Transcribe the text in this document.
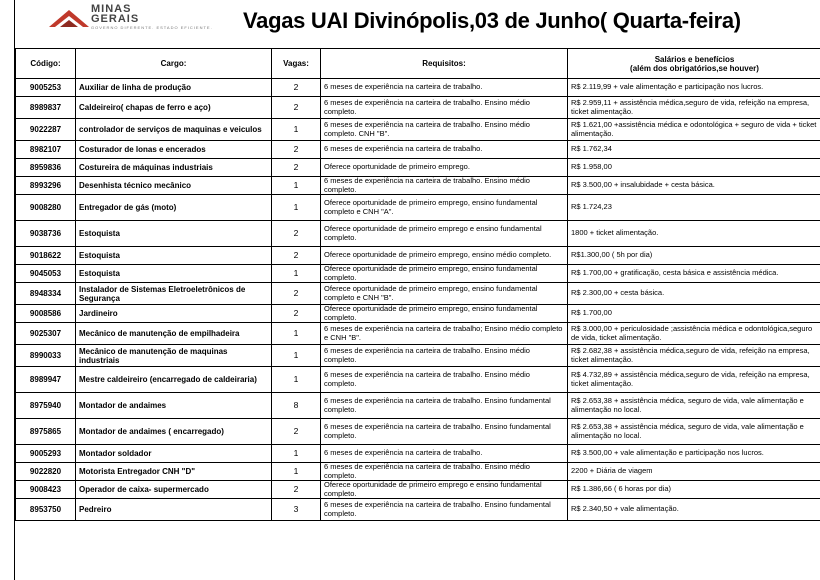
MINAS
GERAIS
GOVERNO DIFERENTE. ESTADO EFICIENTE. Vagas UAI Divinópolis,03 de Junho( Quarta-feira)
Código:	Cargo:	Vagas:	Requisitos:	Salários e benefícios
(além dos obrigatórios,se houver)

9005253	Auxiliar de linha de produção	2	6 meses de experiência na carteira de trabalho.	R$ 2.119,99 + vale alimentação e participação nos lucros.
8989837	Caldeireiro( chapas de ferro e aço)	2	6 meses de experiência na carteira de trabalho. Ensino médio completo.	R$ 2.959,11 + assistência médica,seguro de vida, refeição na empresa, ticket alimentação.
9022287	controlador de serviços de maquinas e veiculos	1	6 meses de experiência na carteira de trabalho. Ensino médio completo. CNH "B".	R$ 1.621,00 +assistência médica e odontológica + seguro de vida + ticket alimentação.
8982107	Costurador de lonas e encerados	2	6 meses de experiência na carteira de trabalho.	R$ 1.762,34
8959836	Costureira de máquinas industriais	2	Oferece oportunidade de primeiro emprego.	R$ 1.958,00
8993296	Desenhista técnico mecânico	1	6 meses de experiência na carteira de trabalho. Ensino médio completo.	R$ 3.500,00 + insalubidade + cesta básica.
9008280	Entregador de gás (moto)	1	Oferece oportunidade de primeiro emprego, ensino fundamental completo e CNH "A".	R$ 1.724,23
9038736	Estoquista	2	Oferece oportunidade de primeiro emprego e ensino fundamental completo.	1800 + ticket alimentação.
9018622	Estoquista	2	Oferece oportunidade de primeiro emprego, ensino médio completo.	R$1.300,00 ( 5h por dia)
9045053	Estoquista	1	Oferece oportunidade de primeiro emprego, ensino fundamental completo.	R$ 1.700,00 + gratificação, cesta básica e assistência médica.
8948334	Instalador de Sistemas Eletroeletrônicos de Segurança	2	Oferece oportunidade de primeiro emprego, ensino fundamental completo e CNH "B".	R$ 2.300,00 + cesta básica.
9008586	Jardineiro	2	Oferece oportunidade de primeiro emprego, ensino fundamental completo.	R$ 1.700,00
9025307	Mecânico de manutenção de empilhadeira	1	6 meses de experiência na carteira de trabalho; Ensino médio completo e CNH "B".	R$ 3.000,00 + periculosidade ;assistência médica e odontológica,seguro de vida, ticket alimentação.
8990033	Mecânico de manutenção de maquinas industriais	1	6 meses de experiência na carteira de trabalho. Ensino médio completo.	R$ 2.682,38 + assistência médica,seguro de vida, refeição na empresa, ticket alimentação.
8989947	Mestre caldeireiro (encarregado de caldeiraria)	1	6 meses de experiência na carteira de trabalho. Ensino médio completo.	R$ 4.732,89 + assistência médica,seguro de vida, refeição na empresa, ticket alimentação.
8975940	Montador de andaimes	8	6 meses de experiência na carteira de trabalho. Ensino fundamental completo.	R$ 2.653,38 + assistência médica, seguro de vida, vale alimentação e alimentação no local.
8975865	Montador de andaimes ( encarregado)	2	6 meses de experiência na carteira de trabalho. Ensino fundamental completo.	R$ 2.653,38 + assistência médica, seguro de vida, vale alimentação e alimentação no local.
9005293	Montador soldador	1	6 meses de experiência na carteira de trabalho.	R$ 3.500,00 + vale alimentação e participação nos lucros.
9022820	Motorista Entregador CNH "D"	1	6 meses de experiência na carteira de trabalho. Ensino médio completo.	2200 + Diária de viagem
9008423	Operador de caixa- supermercado	2	Oferece oportunidade de primeiro emprego e ensino fundamental completo.	R$ 1.386,66 ( 6 horas por dia)
8953750	Pedreiro	3	6 meses de experiência na carteira de trabalho. Ensino fundamental completo.	R$ 2.340,50 + vale alimentação.
